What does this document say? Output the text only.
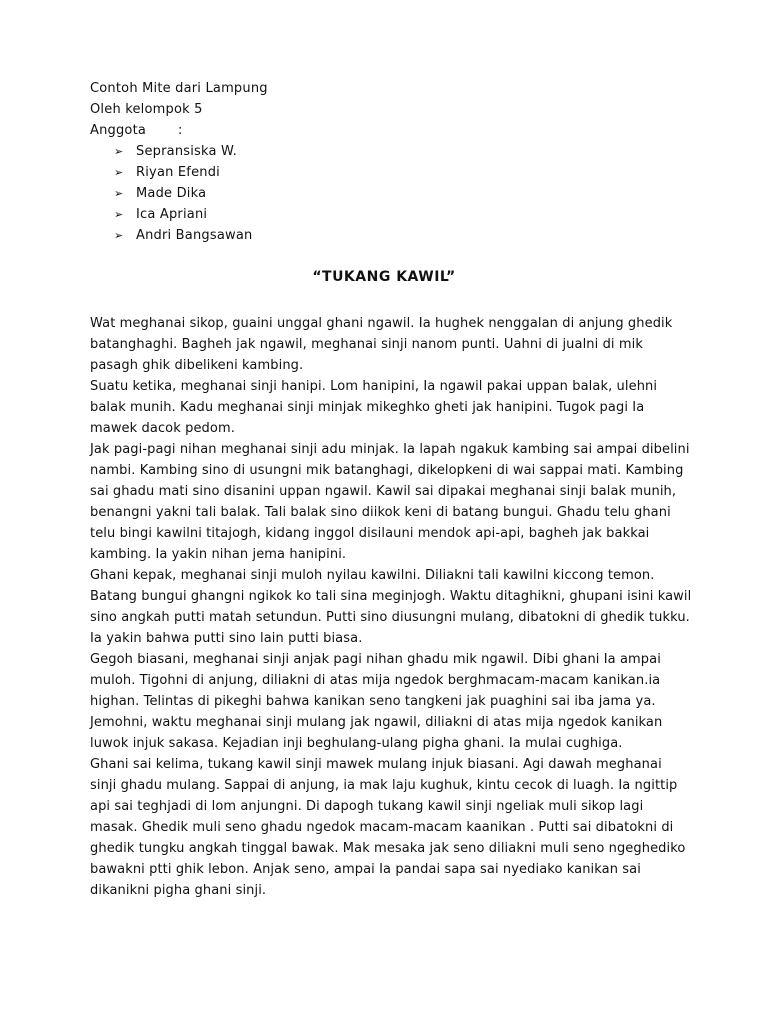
Contoh Mite dari Lampung

Oleh kelompok 5

Anggota :

➢ Sepransiska W.
➢ Riyan Efendi
➢ Made Dika
➢ Ica Apriani
➢ Andri Bangsawan
“TUKANG KAWIL”

Wat meghanai sikop, guaini unggal ghani ngawil. Ia hughek nenggalan di anjung ghedik batanghaghi. Bagheh jak ngawil, meghanai sinji nanom punti. Uahni di jualni di mik pasagh ghik dibelikeni kambing.

Suatu ketika, meghanai sinji hanipi. Lom hanipini, Ia ngawil pakai uppan balak, ulehni balak munih. Kadu meghanai sinji minjak mikeghko gheti jak hanipini. Tugok pagi Ia mawek dacok pedom.

Jak pagi-pagi nihan meghanai sinji adu minjak. Ia lapah ngakuk kambing sai ampai dibelini nambi. Kambing sino di usungni mik batanghagi, dikelopkeni di wai sappai mati. Kambing sai ghadu mati sino disanini uppan ngawil. Kawil sai dipakai meghanai sinji balak munih, benangni yakni tali balak. Tali balak sino diikok keni di batang bungui. Ghadu telu ghani telu bingi kawilni titajogh, kidang inggol disilauni mendok api-api, bagheh jak bakkai kambing. Ia yakin nihan jema hanipini.

Ghani kepak, meghanai sinji muloh nyilau kawilni. Diliakni tali kawilni kiccong temon. Batang bungui ghangni ngikok ko tali sina meginjogh. Waktu ditaghikni, ghupani isini kawil sino angkah putti matah setundun. Putti sino diusungni mulang, dibatokni di ghedik tukku. Ia yakin bahwa putti sino lain putti biasa.

Gegoh biasani, meghanai sinji anjak pagi nihan ghadu mik ngawil. Dibi ghani Ia ampai muloh. Tigohni di anjung, diliakni di atas mija ngedok berghmacam-macam kanikan.ia highan. Telintas di pikeghi bahwa kanikan seno tangkeni jak puaghini sai iba jama ya. Jemohni, waktu meghanai sinji mulang jak ngawil, diliakni di atas mija ngedok kanikan luwok injuk sakasa. Kejadian inji beghulang-ulang pigha ghani. Ia mulai cughiga.

Ghani sai kelima, tukang kawil sinji mawek mulang injuk biasani. Agi dawah meghanai sinji ghadu mulang. Sappai di anjung, ia mak laju kughuk, kintu cecok di luagh. Ia ngittip api sai teghjadi di lom anjungni. Di dapogh tukang kawil sinji ngeliak muli sikop lagi masak. Ghedik muli seno ghadu ngedok macam-macam kaanikan . Putti sai dibatokni di ghedik tungku angkah tinggal bawak. Mak mesaka jak seno diliakni muli seno ngeghediko bawakni ptti ghik lebon. Anjak seno, ampai Ia pandai sapa sai nyediako kanikan sai dikanikni pigha ghani sinji.
